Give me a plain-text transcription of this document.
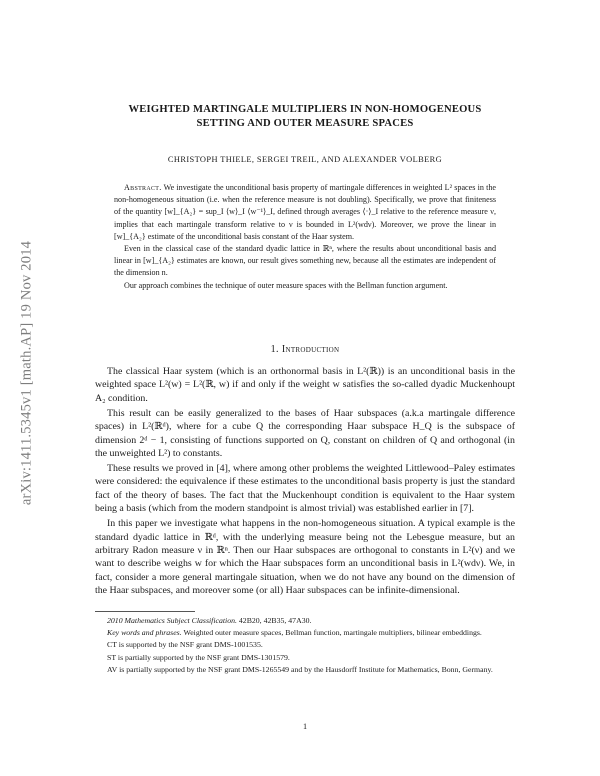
arXiv:1411.5345v1 [math.AP] 19 Nov 2014
WEIGHTED MARTINGALE MULTIPLIERS IN NON-HOMOGENEOUS
SETTING AND OUTER MEASURE SPACES
CHRISTOPH THIELE, SERGEI TREIL, AND ALEXANDER VOLBERG

Abstract. We investigate the unconditional basis property of martingale differences in weighted L² spaces in the non-homogeneous situation (i.e. when the reference measure is not doubling). Specifically, we prove that finiteness of the quantity [w]_{A₂} = sup_I ⟨w⟩_I ⟨w⁻¹⟩_I, defined through averages ⟨·⟩_I relative to the reference measure ν, implies that each martingale transform relative to ν is bounded in L²(wdν). Moreover, we prove the linear in [w]_{A₂} estimate of the unconditional basis constant of the Haar system.

Even in the classical case of the standard dyadic lattice in ℝⁿ, where the results about unconditional basis and linear in [w]_{A₂} estimates are known, our result gives something new, because all the estimates are independent of the dimension n.

Our approach combines the technique of outer measure spaces with the Bellman function argument.

1. Introduction

The classical Haar system (which is an orthonormal basis in L²(ℝ)) is an unconditional basis in the weighted space L²(w) = L²(ℝ, w) if and only if the weight w satisfies the so-called dyadic Muckenhoupt A₂ condition.

This result can be easily generalized to the bases of Haar subspaces (a.k.a martingale difference spaces) in L²(ℝᵈ), where for a cube Q the corresponding Haar subspace H_Q is the subspace of dimension 2ᵈ − 1, consisting of functions supported on Q, constant on children of Q and orthogonal (in the unweighted L²) to constants.

These results we proved in [4], where among other problems the weighted Littlewood–Paley estimates were considered: the equivalence if these estimates to the unconditional basis property is just the standard fact of the theory of bases. The fact that the Muckenhoupt condition is equivalent to the Haar system being a basis (which from the modern standpoint is almost trivial) was established earlier in [7].

In this paper we investigate what happens in the non-homogeneous situation. A typical example is the standard dyadic lattice in ℝᵈ, with the underlying measure being not the Lebesgue measure, but an arbitrary Radon measure ν in ℝⁿ. Then our Haar subspaces are orthogonal to constants in L²(ν) and we want to describe weighs w for which the Haar subspaces form an unconditional basis in L²(wdν). We, in fact, consider a more general martingale situation, when we do not have any bound on the dimension of the Haar subspaces, and moreover some (or all) Haar subspaces can be infinite-dimensional.

2010 Mathematics Subject Classification. 42B20, 42B35, 47A30.

Key words and phrases. Weighted outer measure spaces, Bellman function, martingale multipliers, bilinear embeddings.

CT is supported by the NSF grant DMS-1001535.

ST is partially supported by the NSF grant DMS-1301579.

AV is partially supported by the NSF grant DMS-1265549 and by the Hausdorff Institute for Mathematics, Bonn, Germany.

1
